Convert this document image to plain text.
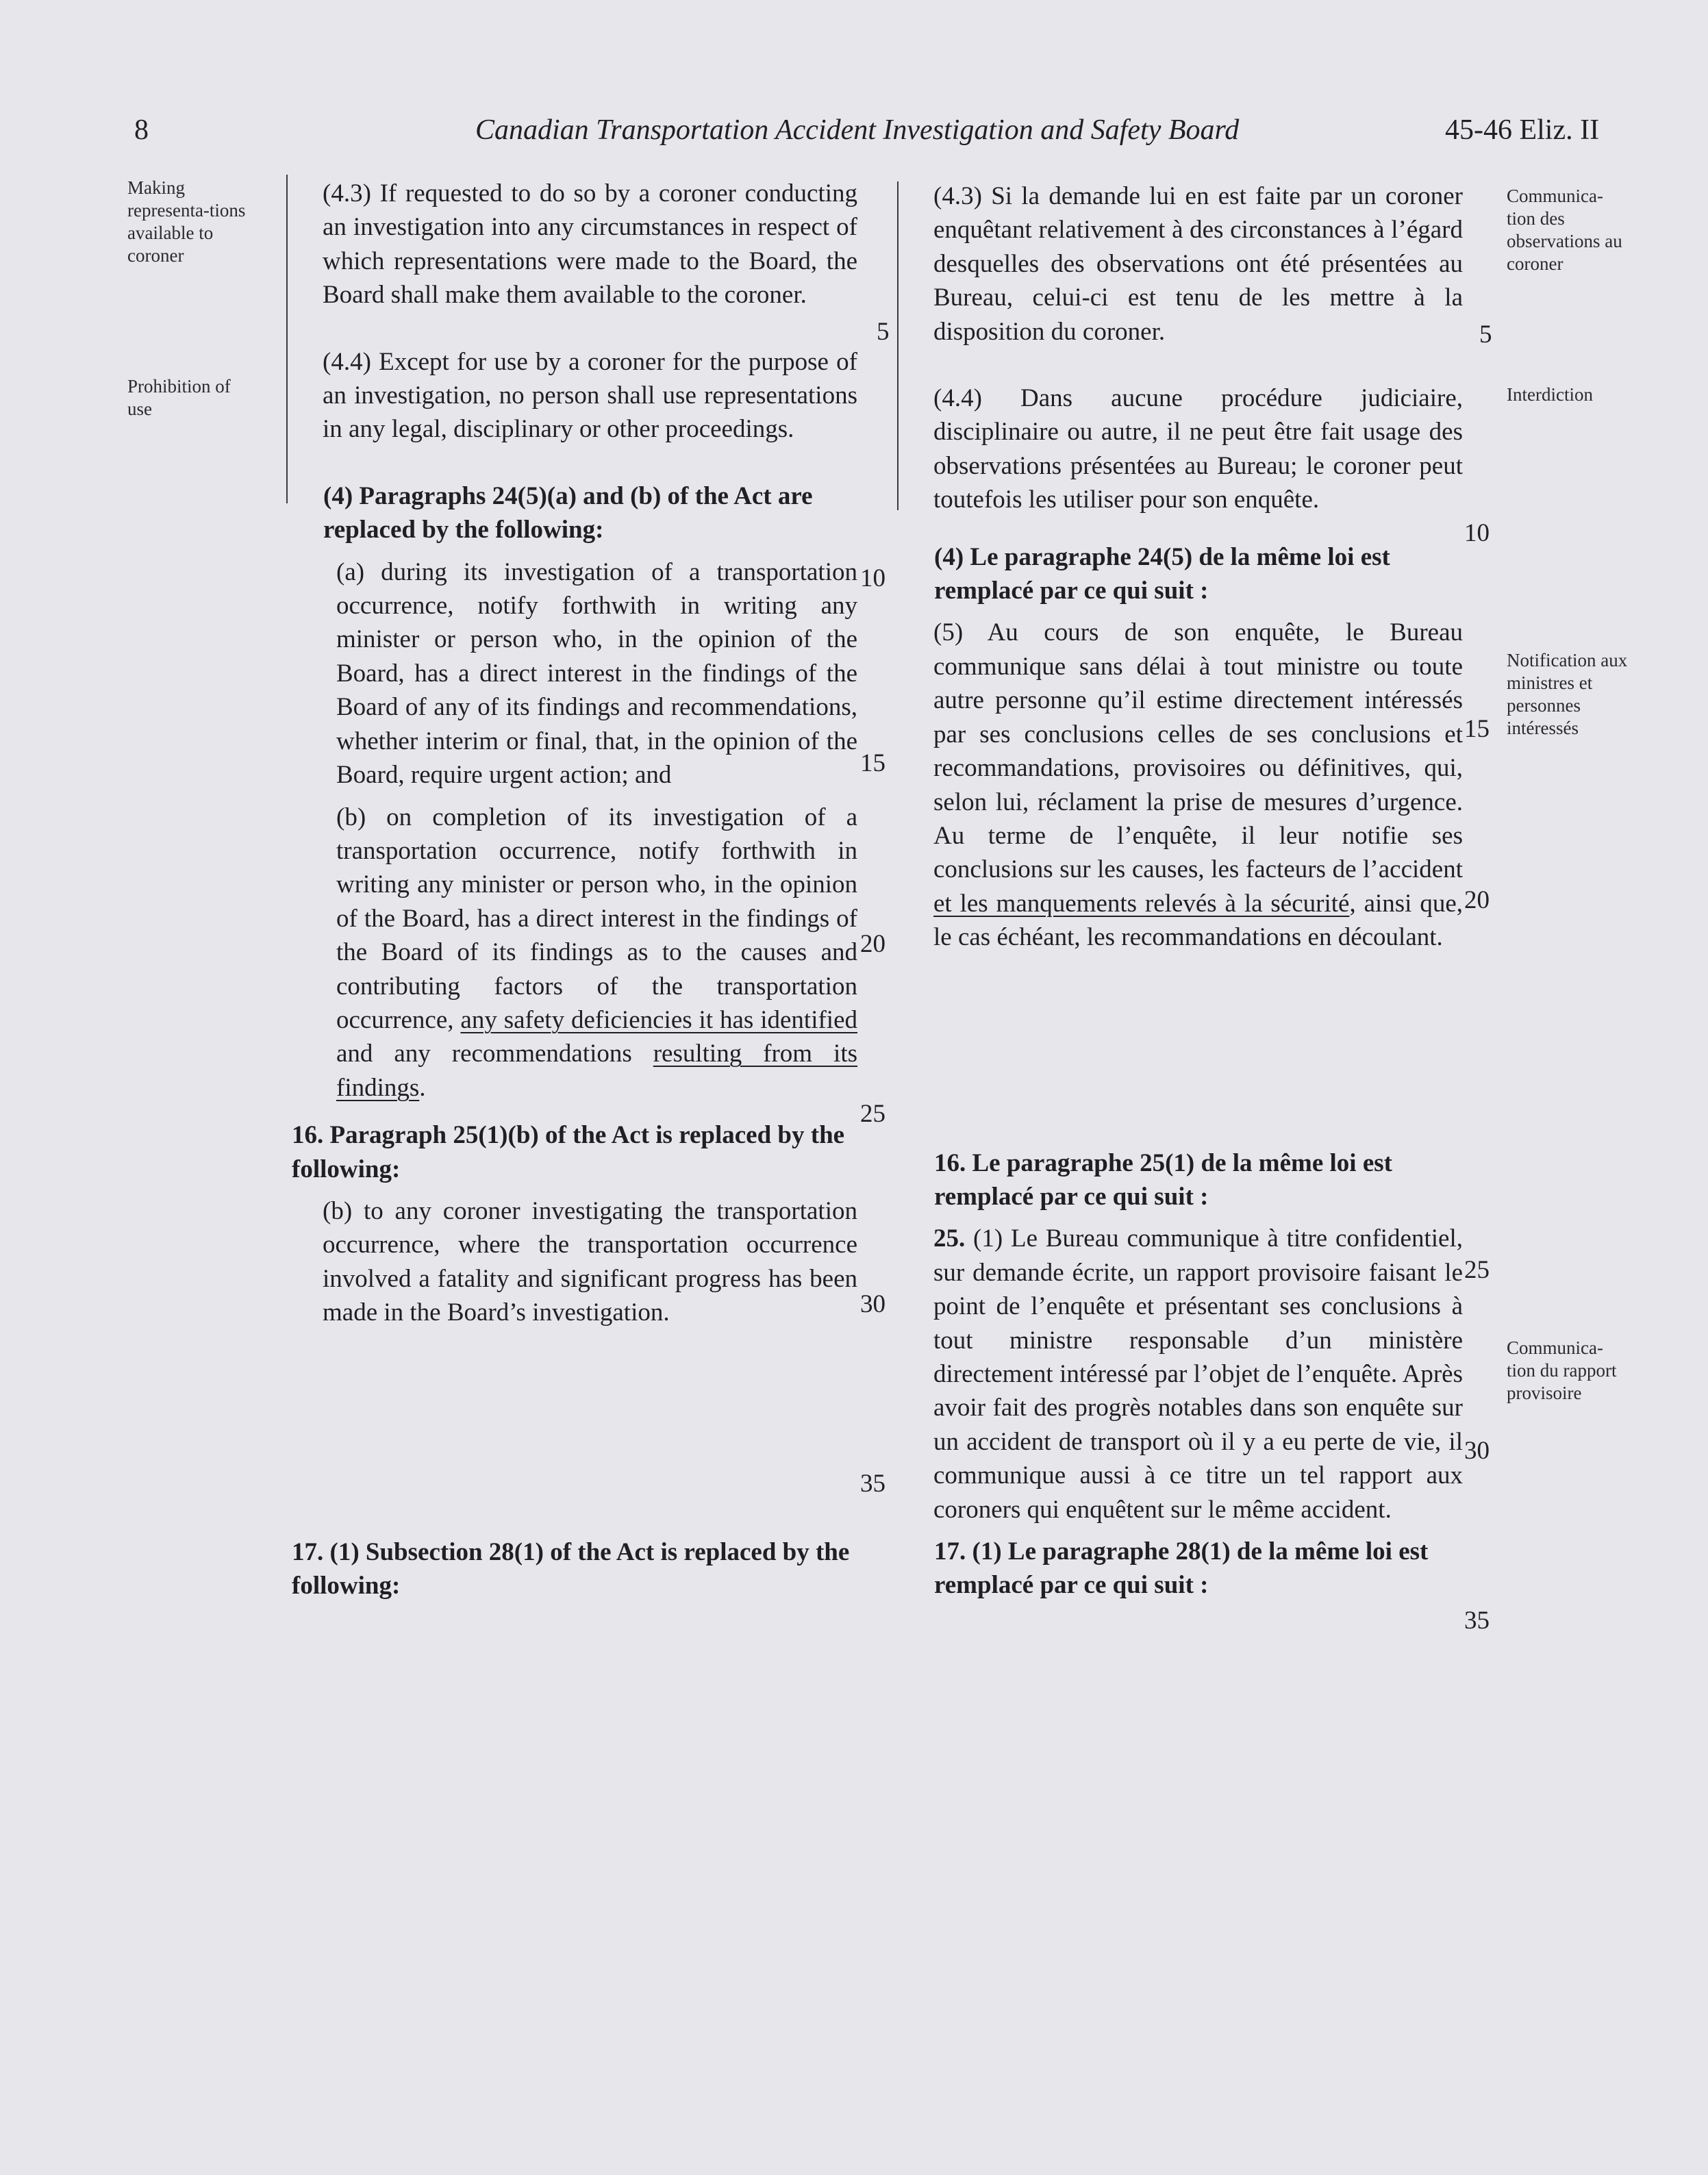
8	Canadian Transportation Accident Investigation and Safety Board	45-46 Eliz. II
Making representa-tions available to coroner
Prohibition of use
Communica-tion des observations au coroner
Interdiction
Notification aux ministres et personnes intéressés
Communica-tion du rapport provisoire

(4.3) If requested to do so by a coroner conducting an investigation into any circumstances in respect of which representations were made to the Board, the Board shall make them available to the coroner.

(4.4) Except for use by a coroner for the purpose of an investigation, no person shall use representations in any legal, disciplinary or other proceedings.

(4) Paragraphs 24(5)(a) and (b) of the Act are replaced by the following:

(a) during its investigation of a transportation occurrence, notify forthwith in writing any minister or person who, in the opinion of the Board, has a direct interest in the findings of the Board of any of its findings and recommendations, whether interim or final, that, in the opinion of the Board, require urgent action; and

(b) on completion of its investigation of a transportation occurrence, notify forthwith in writing any minister or person who, in the opinion of the Board, has a direct interest in the findings of the Board of its findings as to the causes and contributing factors of the transportation occurrence, any safety deficiencies it has identified and any recommendations resulting from its findings.

16. Paragraph 25(1)(b) of the Act is replaced by the following:

(b) to any coroner investigating the transportation occurrence, where the transportation occurrence involved a fatality and significant progress has been made in the Board’s investigation.

17. (1) Subsection 28(1) of the Act is replaced by the following:

5
10
15
20
25
30
35

(4.3) Si la demande lui en est faite par un coroner enquêtant relativement à des circonstances à l’égard desquelles des observations ont été présentées au Bureau, celui-ci est tenu de les mettre à la disposition du coroner.

(4.4) Dans aucune procédure judiciaire, disciplinaire ou autre, il ne peut être fait usage des observations présentées au Bureau; le coroner peut toutefois les utiliser pour son enquête.

(4) Le paragraphe 24(5) de la même loi est remplacé par ce qui suit :

(5) Au cours de son enquête, le Bureau communique sans délai à tout ministre ou toute autre personne qu’il estime directement intéressés par ses conclusions celles de ses conclusions et recommandations, provisoires ou définitives, qui, selon lui, réclament la prise de mesures d’urgence. Au terme de l’enquête, il leur notifie ses conclusions sur les causes, les facteurs de l’accident et les manquements relevés à la sécurité, ainsi que, le cas échéant, les recommandations en découlant.

16. Le paragraphe 25(1) de la même loi est remplacé par ce qui suit :

25. (1) Le Bureau communique à titre confidentiel, sur demande écrite, un rapport provisoire faisant le point de l’enquête et présentant ses conclusions à tout ministre responsable d’un ministère directement intéressé par l’objet de l’enquête. Après avoir fait des progrès notables dans son enquête sur un accident de transport où il y a eu perte de vie, il communique aussi à ce titre un tel rapport aux coroners qui enquêtent sur le même accident.

17. (1) Le paragraphe 28(1) de la même loi est remplacé par ce qui suit :

5
10
15
20
25
30
35
